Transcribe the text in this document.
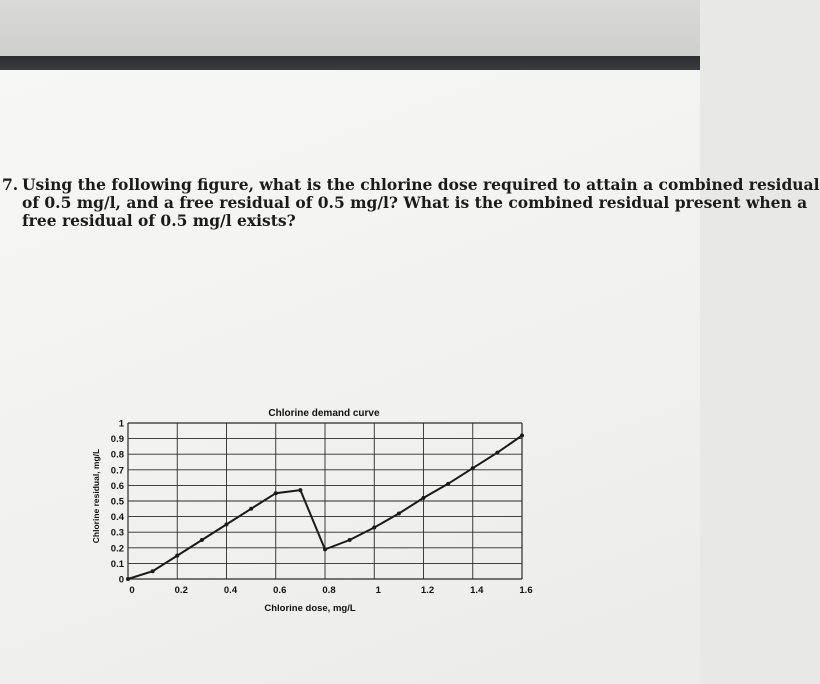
7. Using the following figure, what is the chlorine dose required to attain a combined residual
of 0.5 mg/l, and a free residual of 0.5 mg/l? What is the combined residual present when a
free residual of 0.5 mg/l exists?
Chlorine demand curve
0
0.1
0.2
0.3
0.4
0.5
0.6
0.7
0.8
0.9
1
0	0.2	0.4	0.6	0.8	1	1.2	1.4	1.6
Chlorine dose, mg/L
Chlorine residual, mg/L
